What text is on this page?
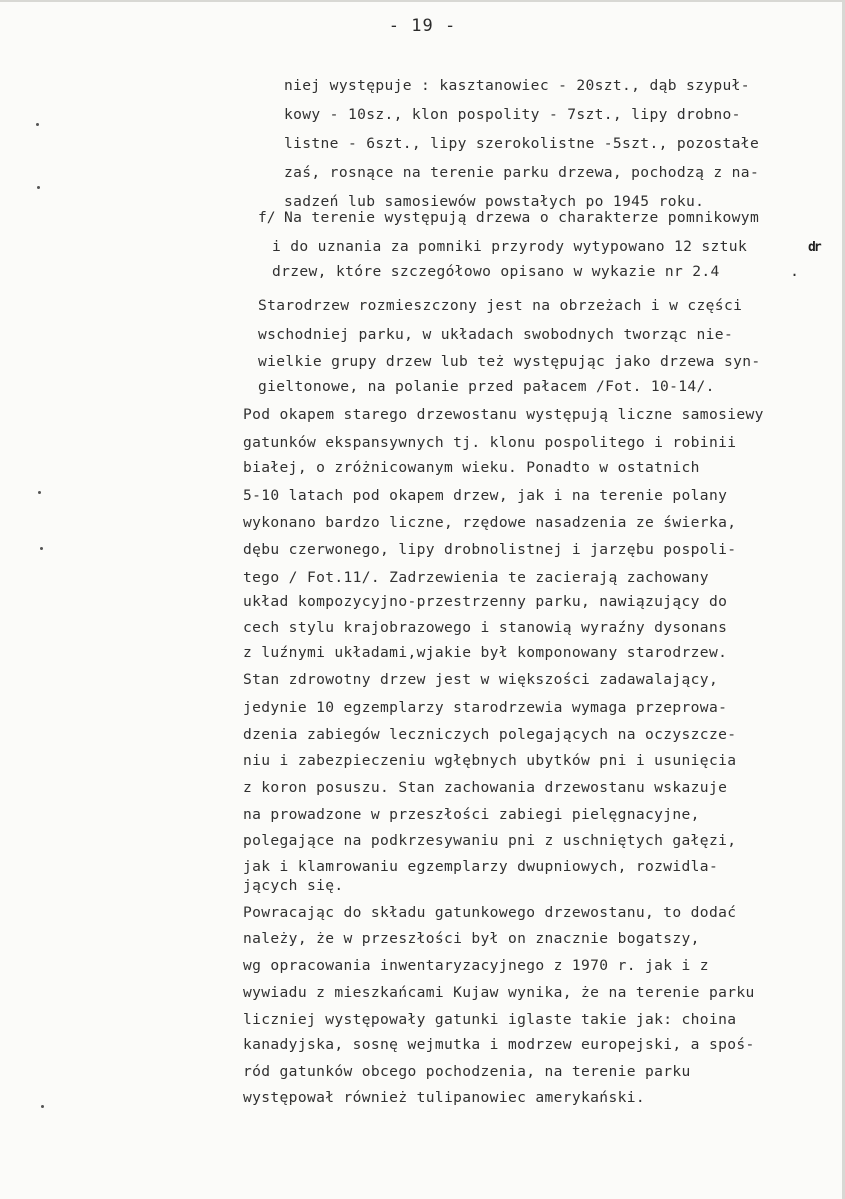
- 19 -
niej występuje : kasztanowiec - 20szt., dąb szypuł-
kowy - 10sz., klon pospolity - 7szt., lipy drobno-
listne - 6szt., lipy szerokolistne -5szt., pozostałe
zaś, rosnące na terenie parku drzewa, pochodzą z na-
sadzeń lub samosiewów powstałych po 1945 roku.
f/ Na terenie występują drzewa o charakterze pomnikowym
i do uznania za pomniki przyrody wytypowano 12 sztuk	dr
drzew, które szczegółowo opisano w wykazie nr 2.4	.
Starodrzew rozmieszczony jest na obrzeżach i w części
wschodniej parku, w układach swobodnych tworząc nie-
wielkie grupy drzew lub też występując jako drzewa syn-
gieltonowe, na polanie przed pałacem /Fot. 10-14/.
Pod okapem starego drzewostanu występują liczne samosiewy
gatunków ekspansywnych tj. klonu pospolitego i robinii
białej, o zróżnicowanym wieku. Ponadto w ostatnich
5-10 latach pod okapem drzew, jak i na terenie polany
wykonano bardzo liczne, rzędowe nasadzenia ze świerka,
dębu czerwonego, lipy drobnolistnej i jarzębu pospoli-
tego / Fot.11/. Zadrzewienia te zacierają zachowany
układ kompozycyjno-przestrzenny parku, nawiązujący do
cech stylu krajobrazowego i stanowią wyraźny dysonans
z luźnymi układami,wjakie był komponowany starodrzew.
Stan zdrowotny drzew jest w większości zadawalający,
jedynie 10 egzemplarzy starodrzewia wymaga przeprowa-
dzenia zabiegów leczniczych polegających na oczyszcze-
niu i zabezpieczeniu wgłębnych ubytków pni i usunięcia
z koron posuszu. Stan zachowania drzewostanu wskazuje
na prowadzone w przeszłości zabiegi pielęgnacyjne,
polegające na podkrzesywaniu pni z uschniętych gałęzi,
jak i klamrowaniu egzemplarzy dwupniowych, rozwidla-
jących się.
Powracając do składu gatunkowego drzewostanu, to dodać
należy, że w przeszłości był on znacznie bogatszy,
wg opracowania inwentaryzacyjnego z 1970 r. jak i z
wywiadu z mieszkańcami Kujaw wynika, że na terenie parku
liczniej występowały gatunki iglaste takie jak: choina
kanadyjska, sosnę wejmutka i modrzew europejski, a spoś-
ród gatunków obcego pochodzenia, na terenie parku
występował również tulipanowiec amerykański.
